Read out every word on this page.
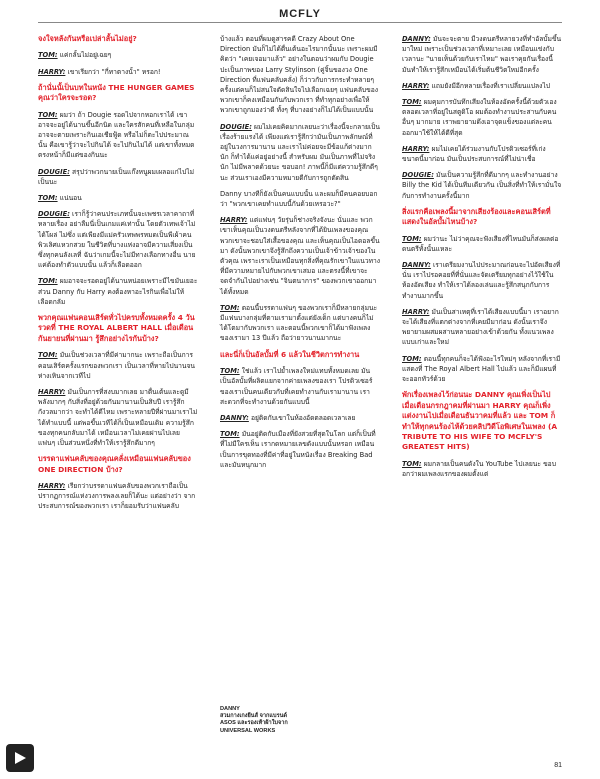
MCFLY

จงใจหลังกันหรือเปล่าลั้นไม่อยู่?

TOM: แค่กลั้นไม่อยู่เฉยๆ

HARRY: เขาเรียกว่า "กี่ทาตางนั้า" หรอก!

ถ้านั่นนั้เป็นบทในหนัง THE HUNGER GAMES คุณว่าใครจะรอด?

TOM: ผมว่า ถ้า Dougie รอดไปจากหอกเราได้ เขาอาจจะอยู่ได้นานขึ้นอีกนิด และใครสักคนที่เหลือในกลุ่มอาจจะตายเพราะกินเอเชียฟู้ด หรือไม่ก็ตะไปประมาณนั้น คือเขารู้ว่าจะไปกินได้ จะไปกินไม่ได้ แต่เขาทั้งหมดตรงหน้าก็มีแต่ของกินนะ

DOUGIE: สรุปว่าพวกนายเป็นแก๊งหนูผมเผลอแก่ไปไม่เป็นนะ

TOM: แน่นอน

DOUGIE: เราก็รู้ว่าคนประเภทนั้นจะเพชรเวลาคาถาที่หลายเรื่อง อย่าลืมนี่เป็นเกมแค่เท่านั้น โดยตัวเทพเจ้าไม่ได้โผล่ ไม่ซึ่ง แต่เพียงมีแม่ครัวเทพพรหมดเป็นพีเผ้าคนพิวเลิศแหวกสวย ในชีวิตที่บางแห่งอาจมีความเสี่ยงเป็นซึ่งทุกคนลังเลที่ ฉันว่าเกมนี้จะไม่มีทางเลือกทางอื่น นายแค่ต้องทำตัวแบบนั้น แล้วก็เลือดออก

TOM: ผมอาจจะรอดอยู่ได้นานหน่อยเพราะมีไขมันเยอะ ส่วน Danny กับ Harry คงต้องหาอะไรกินเพื่อไม่ให้เลือดกลัม

พวกคุณแฟนคอนเสิร์ตทั่วไปครบทั้งหมดครั้ง 4 วันรวดที่ THE ROYAL ALBERT HALL เมื่อเดือนกันยายนที่ผ่านมา รู้สึกอย่างไรกันบ้าง?

TOM: มันเป็นช่วงเวลาที่มีค่ามากนะ เพราะถือเป็นการคอนเสิร์ตครั้งแรกของพวกเรา เป็นเวลาที่หายไปนานจนห่างเหินจากเวทีไป

HARRY: มันเป็นการที่สงบมากเลย มาตื่นเต้นและดูมีพลังมากๆ กับสิ่งที่อยู่ด้วยกันมานานเป็นสิบปี เรารู้สึกกังวลมากว่า จะทำได้ดีไหม เพราะหลายปีที่ผ่านมาเราไม่ได้ทำแบบนี้ แต่พอขึ้นเวทีได้ก็เป็นเหมือนเดิม ความรู้สึกของทุกคนกลับมาได้ เหมือนเวลาไม่เคยผ่านไปเลย แฟนๆ เป็นส่วนหนึ่งที่ทำให้เรารู้สึกดีมากๆ

บรรดาแฟนคลับของคุณคลั่งเหมือนแฟนคลับของ ONE DIRECTION บ้าง?

HARRY: เรียกว่าบรรดาแฟนคลับของพวกเราถือเป็นปรากฏการณ์แห่งวงการพลงเลยก็ได้นะ แต่อย่างว่า จากประสบการณ์ของพวกเรา เราก็ยอมรับว่าแฟนคลับ

บ้างแล้ว ตอนที่ผมดูสารคดี Crazy About One Direction มันก็ไม่ได้ตื่นเต้นอะไรมากนั้นนะ เพราะผมมีคิดว่า "เคยเจอมาแล้ว" อย่างในตอนว่าผมกับ Dougie ปะเป็นภาพของ Larry Stylinson (คู่จิ้นของวง One Direction ที่แฟนคลับคลั่ง) ก็ว่าวกับการกระทำหลายๆ ครั้งแต่คนก็ไม่สนใจตัดสินใจไปเลือกเฉยๆ แฟนคลับของพวกเขาก็คงเหมือนกันกับพวกเรา ที่ทำทุกอย่างเพื่อให้พวกเขาถูกมองว่าดี ทั้งๆ ที่บางอย่างก็ไม่ได้เป็นแบบนั้น

DOUGIE: ผมไม่เคยคิดมากเลยนะว่าเรื่องนี้จะกลายเป็นเรื่องร้ายแรงได้ เพียงแต่เรารู้สึกว่ามันเป็นภาพลักษณ์ที่อยู่ในวงการมานาน และเราไม่ค่อยจะมีข้อแก้ต่างมากนัก ก็ทำได้แค่อยู่อย่างนี้ สำหรับผม มันเป็นภาพที่ไม่จริงนัก ไม่มีพลาดด้วยนะ ขอบอก! ภาพนี้ก็มีแต่ความรู้สึกดีๆ นะ ส่วนเราเองมีความหมายดีกับการถูกตัดสิน

Danny บางทีก็ยังเป็นคนแบบนั้น และผมก็มีคนคอยบอกว่า "พวกเขาเคยทำแบบนี้กันด้วยเหรอวะ?"

HARRY: แต่แฟนๆ วัยรุ่นก็ช่างจริงจังนะ นั่นและ พวกเขาเห็นคุณเป็นวงดนตรีหลังจากที่ได้ยินเพลงของคุณ พวกเขาจะชอบใส่เสื้อของคุณ และเห็นคุณเป็นไอดอลขึ้นมา ดังนั้นพวกเขาจึงรู้สึกถึงความเป็นเจ้าข้าวเจ้าของในตัวคุณ เพราะเราเป็นเหมือนทุกสิ่งที่คุณรักเขาในแนวทางที่มีความหมายไปกับพวกเขาเสมอ และตรงนี้ที่เขาจะจดจำกันไปอย่างเช่น "จินตนาการ" ของพวกเขาออกมาได้ทั้งหมด

TOM: ตอนนี้บรรดาแฟนๆ ของพวกเราก็มีหลายกลุ่มนะ มีแฟนบางกลุ่มที่ตามเรามาตั้งแต่ยังเด็ก แต่บางคนก็ไม่ได้โตมากับพวกเรา และตอนนี้พวกเขาก็ได้มาฟังเพลงของเรามา 13 ปีแล้ว ถือว่ายาวนานมากนะ

และนี่ก็เป็นอัลบั้มที่ 6 แล้วในชีวิตการทำงาน

TOM: ใช่แล้ว เราไปย้ำเพลงใหม่แทบทั้งหมดเลย มันเป็นอัลบั้มที่ผลิตแยกจากค่ายเพลงของเรา โปรดิวเซอร์ของเราเป็นคนเดียวกับที่เคยทำงานกับเรามานาน เราสะดวกที่จะทำงานด้วยกันแบบนี้

DANNY: อยู่ติดกับเขาในห้องอัดตลอดเวลาเลย

TOM: มันอยู่ติดกับเมืองที่ยังสวยที่สุดในโลก แต่ก็เป็นที่ที่ไม่มีใครเห็น เรากดหมายเลขดังแบบนั้นหรอก เหมือนเป็นการขุดทองที่มีค่าที่อยู่ในหนังเรื่อง Breaking Bad และมันหนุกมาก

DANNY: มันจะจะตาย มีวงดนตรีหลายวงที่ทำอัลบั้มขึ้นมาใหม่ เพราะเป็นช่วงเวลาที่เหมาะเลย เหมือนแข่งกับเวลานะ "นายเห็นด้วยกับเราไหม" พอเราคุยกันเรื่องนี้ มันทำให้เรารู้สึกเหมือนได้เริ่มต้นชีวิตใหม่อีกครั้ง

HARRY: แถมยังมีอีกหลายเรื่องที่เราเปลี่ยนแปลงไป

TOM: ผมคุมการบันทึกเสียงในห้องอัดครั้งนี้ด้วยตัวเอง ตลอดเวลาที่อยู่ในสตูดิโอ ผมต้องทำงานประสานกับคนอื่นๆ มากมาย เราพยายามดึงเอาจุดแข็งของแต่ละคนออกมาใช้ให้ได้ดีที่สุด

HARRY: ผมไม่เคยได้ร่วมงานกับโปรดิวเซอร์ที่เก่งขนาดนี้มาก่อน มันเป็นประสบการณ์ที่ไม่น่าเชื่อ

DOUGIE: มันเป็นความรู้สึกที่ดีมากๆ และทำงานอย่าง Billy the Kid ได้เป็นทีมเดียวกัน เป็นสิ่งที่ทำให้เรามั่นใจกับการทำงานครั้งนี้มาก

สิ่งแรกคือเพลงนี้มาจากเสียงร้องและคอนเสิร์ตที่แสดงในอัลบั้มไหนบ้าง?

TOM: ผมว่านะ ไม่ว่าคุณจะฟังเสียงที่ไหนมันก็ส่งผลต่อดนตรีทั้งนั้นแหละ

DANNY: เราเตรียมงานไปประมาณก่อนจะไปอัดเสียงที่นั่น เราไปรอคอยที่ที่นั่นและจัดเตรียมทุกอย่างไว้ใช้ในห้องอัดเสียง ทำให้เราได้ลองเล่นและรู้สึกสนุกกับการทำงานมากขึ้น

HARRY: มันเป็นสาเหตุที่เราได้เสียงแบบนี้มา เราอยากจะได้เสียงที่แตกต่างจากที่เคยมีมาก่อน ดังนั้นเราจึงพยายามผสมผสานหลายอย่างเข้าด้วยกัน ทั้งแนวเพลงแบบเก่าและใหม่

TOM: ตอนนี้ทุกคนก็จะได้ฟังอะไรใหม่ๆ หลังจากที่เรามีแสดงที่ The Royal Albert Hall ไปแล้ว และก็มีแผนที่จะออกทัวร์ด้วย

พักเรื่องเพลงไว้ก่อนนะ DANNY คุณเพิ่งเป็นไปเมื่อเดือนกรกฎาคมที่ผ่านมา HARRY คุณก็เพิ่งแต่งงานไปเมื่อเดือนธันวาคมที่แล้ว และ TOM ก็ทำให้ทุกคนร้องไห้ด้วยคลิปวิดีโอพิเศษในเพลง (A TRIBUTE TO HIS WIFE TO MCFLY'S GREATEST HITS)

TOM: ผมกลายเป็นคนดังใน YouTube ไปเลยนะ ขอบอกว่าผมเพลงแรกของผมตั้งแต่

DANNY
สวมกางเกงยีนส์ จากแบรนด์ ASOS และรองเท้าผ้าใบจาก UNIVERSAL WORKS
81
